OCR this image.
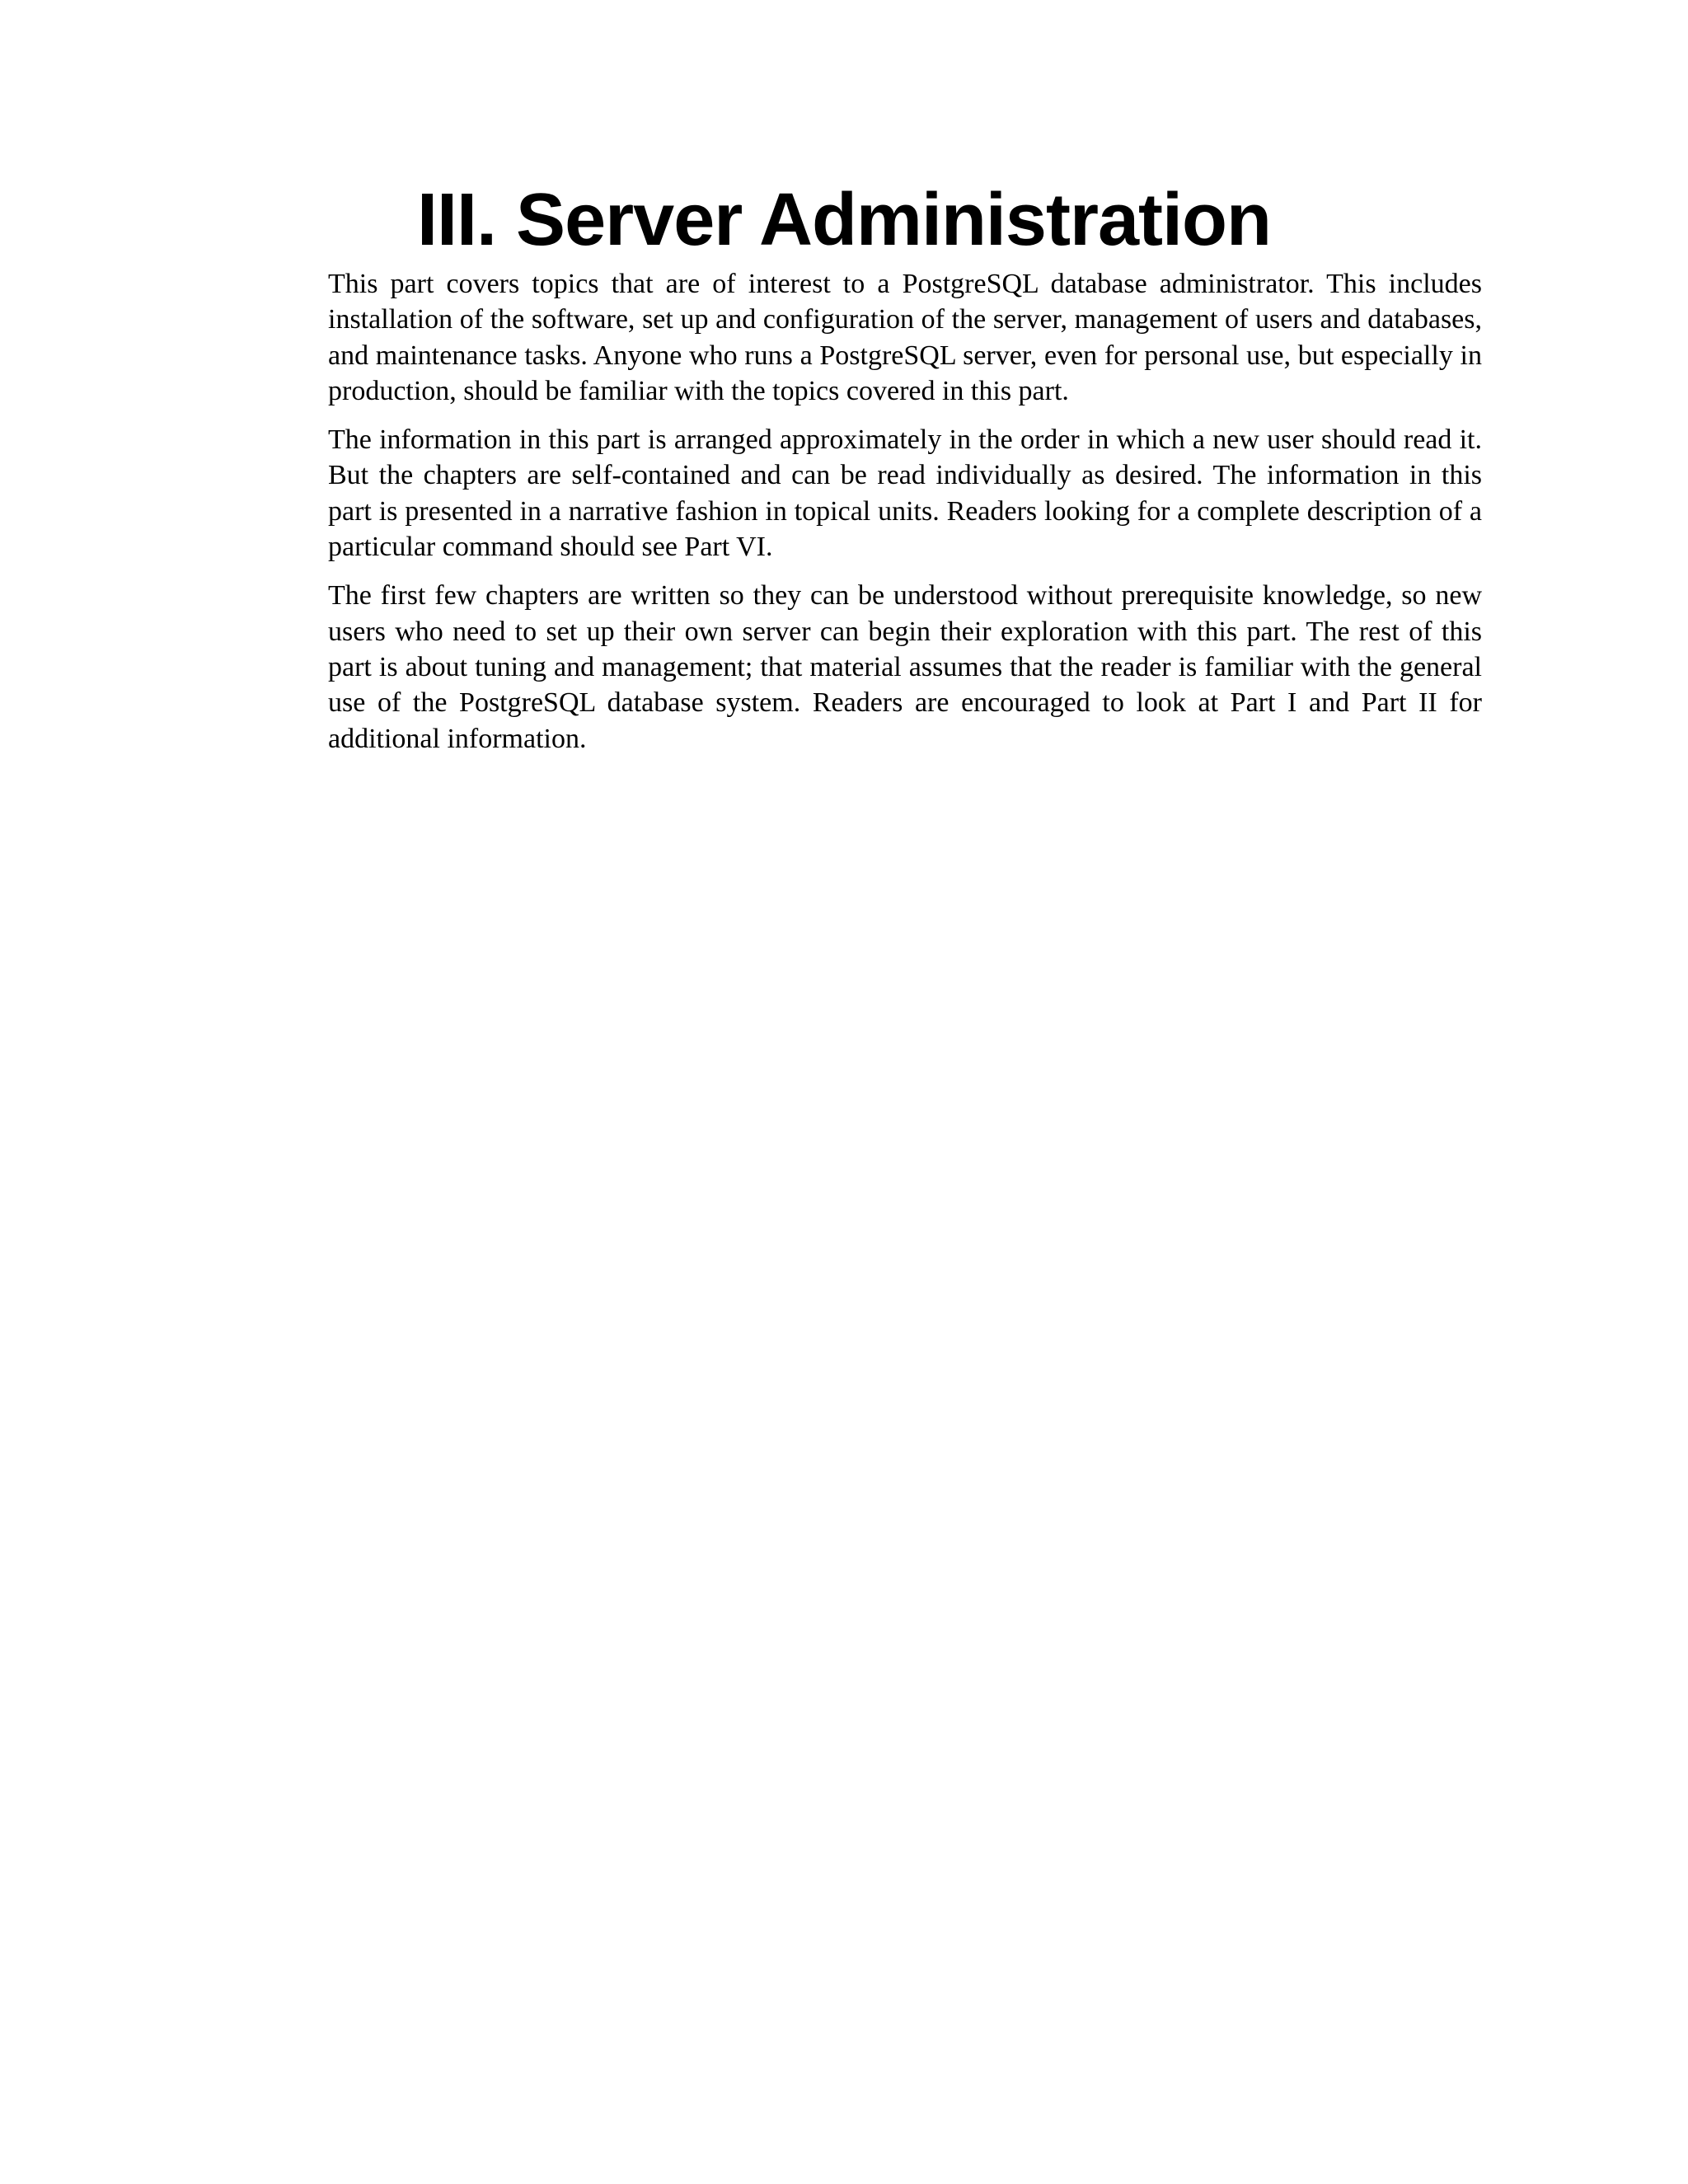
III. Server Administration

This part covers topics that are of interest to a PostgreSQL database administrator. This includes installation of the software, set up and configuration of the server, management of users and databases, and maintenance tasks. Anyone who runs a PostgreSQL server, even for personal use, but especially in production, should be familiar with the topics covered in this part.

The information in this part is arranged approximately in the order in which a new user should read it. But the chapters are self-contained and can be read individually as desired. The information in this part is presented in a narrative fashion in topical units. Readers looking for a complete description of a particular command should see Part VI.

The first few chapters are written so they can be understood without prerequisite knowledge, so new users who need to set up their own server can begin their exploration with this part. The rest of this part is about tuning and management; that material assumes that the reader is familiar with the general use of the PostgreSQL database system. Readers are encouraged to look at Part I and Part II for additional information.
